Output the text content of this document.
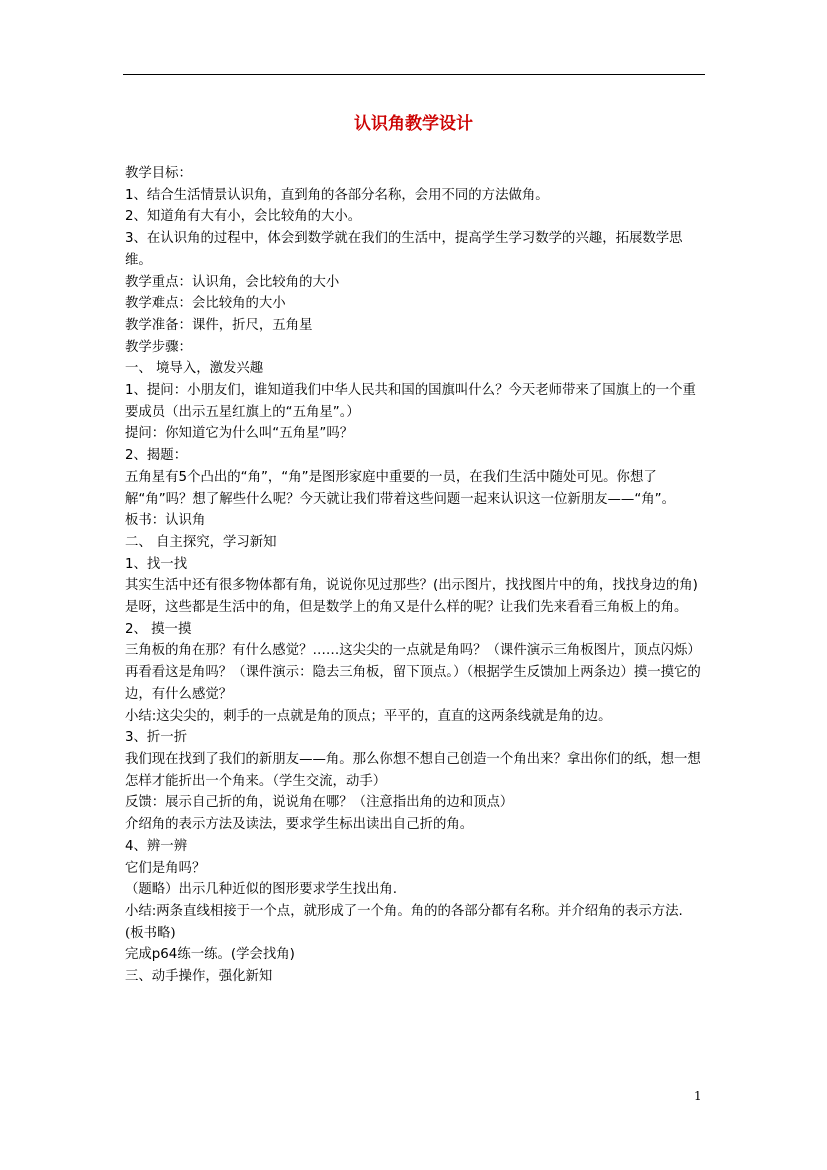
认识角教学设计

教学目标：

1、结合生活情景认识角，直到角的各部分名称，会用不同的方法做角。

2、知道角有大有小，会比较角的大小。

3、在认识角的过程中，体会到数学就在我们的生活中，提高学生学习数学的兴趣，拓展数学思维。

教学重点：认识角，会比较角的大小

教学难点：会比较角的大小

教学准备：课件，折尺，五角星

教学步骤：

一、 境导入，激发兴趣

1、提问：小朋友们，谁知道我们中华人民共和国的国旗叫什么？今天老师带来了国旗上的一个重要成员（出示五星红旗上的“五角星”。）

提问：你知道它为什么叫“五角星”吗？

2、揭题：

五角星有5个凸出的“角”，“角”是图形家庭中重要的一员，在我们生活中随处可见。你想了解“角”吗？想了解些什么呢？今天就让我们带着这些问题一起来认识这一位新朋友——“角”。

板书：认识角

二、 自主探究，学习新知

1、找一找

其实生活中还有很多物体都有角，说说你见过那些？(出示图片，找找图片中的角，找找身边的角)是呀，这些都是生活中的角，但是数学上的角又是什么样的呢？让我们先来看看三角板上的角。

2、 摸一摸

三角板的角在那？有什么感觉？……这尖尖的一点就是角吗？（课件演示三角板图片，顶点闪烁）再看看这是角吗？（课件演示：隐去三角板，留下顶点。）（根据学生反馈加上两条边）摸一摸它的边，有什么感觉？

小结:这尖尖的，刺手的一点就是角的顶点；平平的，直直的这两条线就是角的边。

3、折一折

我们现在找到了我们的新朋友——角。那么你想不想自己创造一个角出来？拿出你们的纸，想一想怎样才能折出一个角来。（学生交流，动手）

反馈：展示自己折的角，说说角在哪？（注意指出角的边和顶点）

介绍角的表示方法及读法，要求学生标出读出自己折的角。

4、辨一辨

它们是角吗？

（题略）出示几种近似的图形要求学生找出角.

小结:两条直线相接于一个点，就形成了一个角。角的的各部分都有名称。并介绍角的表示方法.

(板书略)

完成p64练一练。(学会找角)

三、动手操作，强化新知

1
